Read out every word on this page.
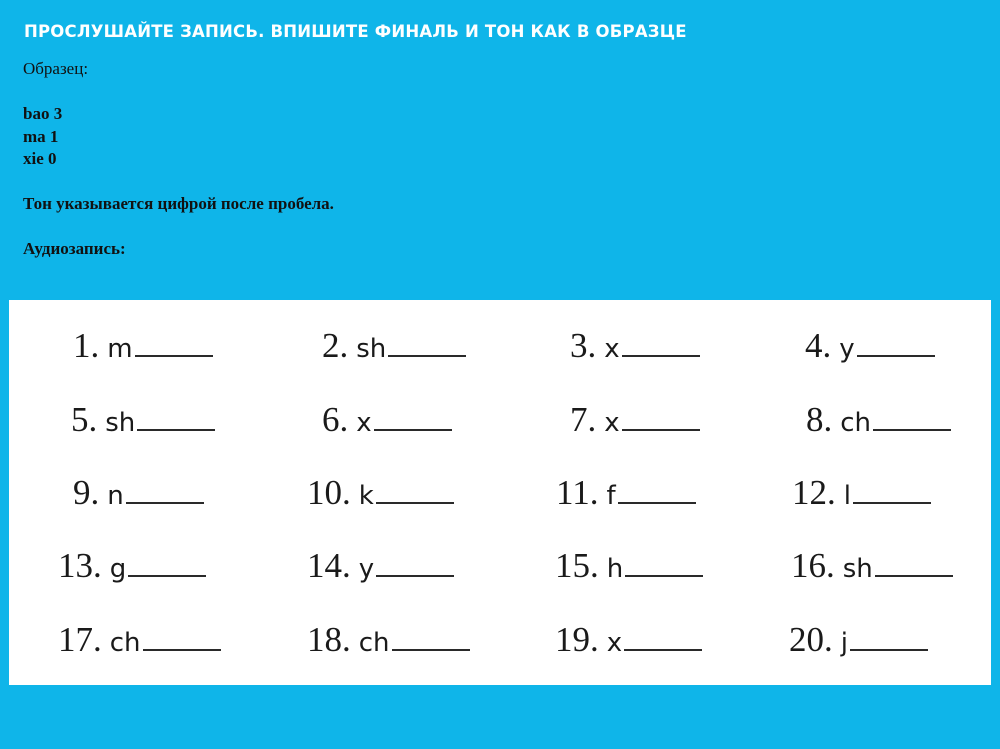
ПРОСЛУШАЙТЕ ЗАПИСЬ. ВПИШИТЕ ФИНАЛЬ И ТОН КАК В ОБРАЗЦЕ
Образец:
bao 3
ma 1
xie 0
Тон указывается цифрой после пробела.
Аудиозапись:
1. m	2. sh	3. x	4. y
5. sh	6. x	7. x	8. ch
9. n	10. k	11. f	12. l
13. g	14. y	15. h	16. sh
17. ch	18. ch	19. x	20. j
